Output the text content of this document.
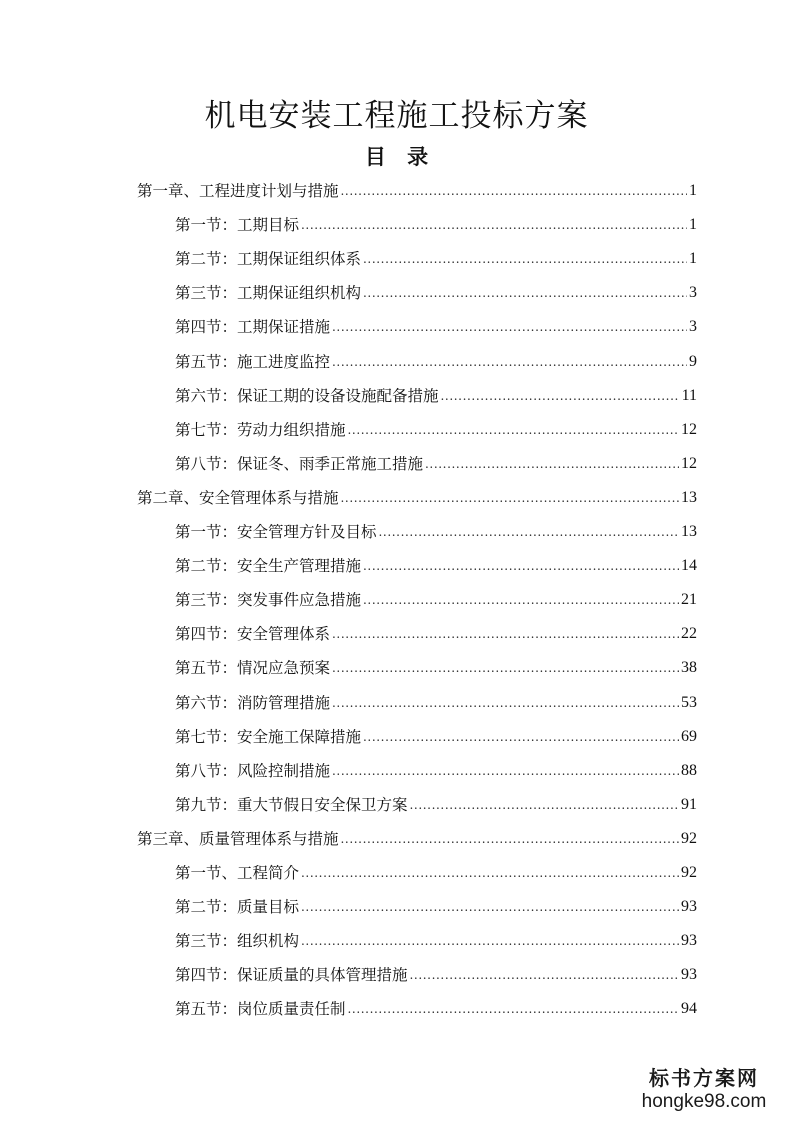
机电安装工程施工投标方案
目 录
第一章、工程进度计划与措施 .....	1
第一节：工期目标 .....	1
第二节：工期保证组织体系 .....	1
第三节：工期保证组织机构 .....	3
第四节：工期保证措施 .....	3
第五节：施工进度监控 .....	9
第六节：保证工期的设备设施配备措施 .....	11
第七节：劳动力组织措施 .....	12
第八节：保证冬、雨季正常施工措施 .....	12
第二章、安全管理体系与措施 .....	13
第一节：安全管理方针及目标 .....	13
第二节：安全生产管理措施 .....	14
第三节：突发事件应急措施 .....	21
第四节：安全管理体系 .....	22
第五节：情况应急预案 .....	38
第六节：消防管理措施 .....	53
第七节：安全施工保障措施 .....	69
第八节：风险控制措施 .....	88
第九节：重大节假日安全保卫方案 .....	91
第三章、质量管理体系与措施 .....	92
第一节、工程简介 .....	92
第二节：质量目标 .....	93
第三节：组织机构 .....	93
第四节：保证质量的具体管理措施 .....	93
第五节：岗位质量责任制 .....	94
标书方案网
hongke98.com
